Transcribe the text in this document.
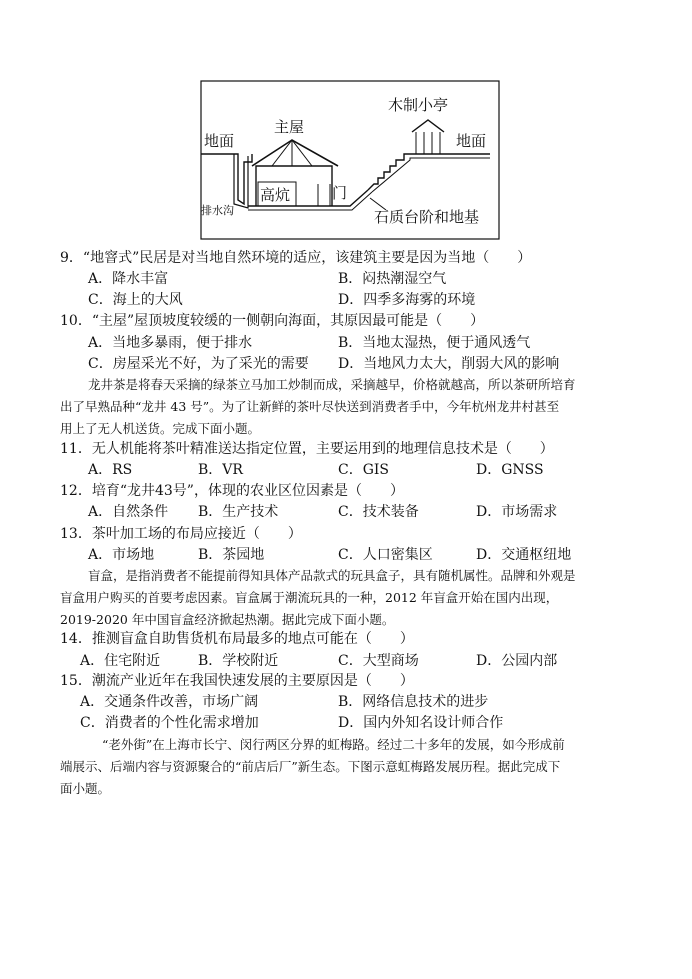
地面	地面
主屋
木制小亭
高炕	门
排水沟	石质台阶和地基
9．“地窨式”民居是对当地自然环境的适应，该建筑主要是因为当地（　　）
A．降水丰富	B．闷热潮湿空气
C．海上的大风	D．四季多海雾的环境
10．“主屋”屋顶坡度较缓的一侧朝向海面，其原因最可能是（　　）
A．当地多暴雨，便于排水	B．当地太湿热，便于通风透气
C．房屋采光不好，为了采光的需要 D．当地风力太大，削弱大风的影响
龙井茶是将春天采摘的绿茶立马加工炒制而成，采摘越早，价格就越高，所以茶研所培育
出了早熟品种“龙井 43 号”。为了让新鲜的茶叶尽快送到消费者手中，今年杭州龙井村甚至
用上了无人机送货。完成下面小题。
11．无人机能将茶叶精准送达指定位置，主要运用到的地理信息技术是（　　）
A．RS	B．VR	C．GIS	D．GNSS
12．培育“龙井43号”，体现的农业区位因素是（　　）
A．自然条件 B．生产技术	C．技术装备	D．市场需求
13．茶叶加工场的布局应接近（　　）
A．市场地	B．茶园地	C．人口密集区	D．交通枢纽地
盲盒，是指消费者不能提前得知具体产品款式的玩具盒子，具有随机属性。品牌和外观是
盲盒用户购买的首要考虑因素。盲盒属于潮流玩具的一种，2012 年盲盒开始在国内出现，
2019-2020 年中国盲盒经济掀起热潮。据此完成下面小题。
14．推测盲盒自助售货机布局最多的地点可能在（　　）
A．住宅附近	B．学校附近	C．大型商场	D．公园内部
15．潮流产业近年在我国快速发展的主要原因是（　　）
A．交通条件改善，市场广阔	B．网络信息技术的进步
C．消费者的个性化需求增加	D．国内外知名设计师合作
“老外街”在上海市长宁、闵行两区分界的虹梅路。经过二十多年的发展，如今形成前
端展示、后端内容与资源聚合的“前店后厂”新生态。下图示意虹梅路发展历程。据此完成下
面小题。
